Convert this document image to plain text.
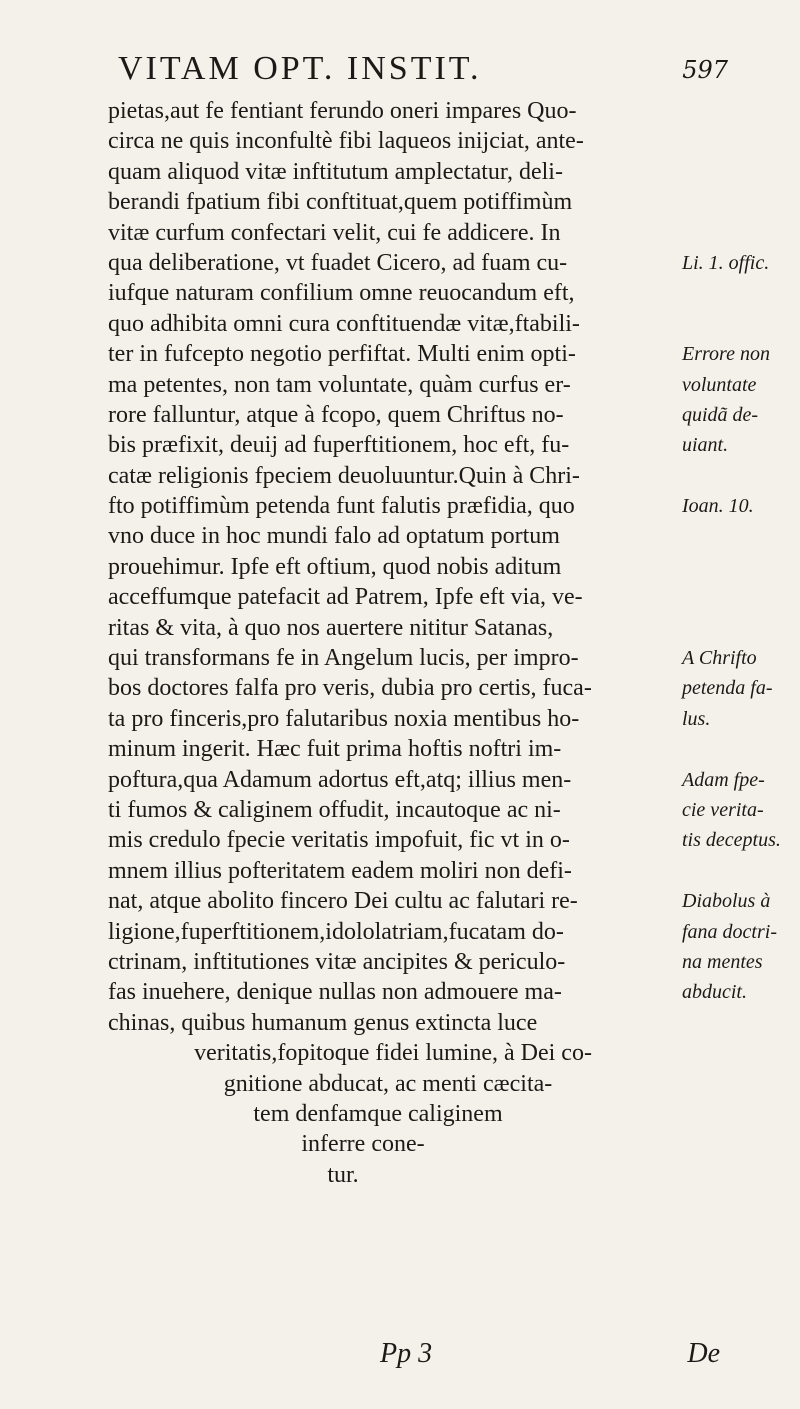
VITAM OPT. INSTIT.	597
pietas,aut fe fentiant ferundo oneri impares Quo-
circa ne quis inconfultè fibi laqueos inijciat, ante-
quam aliquod vitæ inftitutum amplectatur, deli-
berandi fpatium fibi conftituat,quem potiffimùm
vitæ curfum confectari velit, cui fe addicere. In
qua deliberatione, vt fuadet Cicero, ad fuam cu-
iufque naturam confilium omne reuocandum eft,
quo adhibita omni cura conftituendæ vitæ,ftabili-
ter in fufcepto negotio perfiftat. Multi enim opti-
ma petentes, non tam voluntate, quàm curfus er-
rore falluntur, atque à fcopo, quem Chriftus no-
bis præfixit, deuij ad fuperftitionem, hoc eft, fu-
catæ religionis fpeciem deuoluuntur.Quin à Chri-
fto potiffimùm petenda funt falutis præfidia, quo
vno duce in hoc mundi falo ad optatum portum
prouehimur. Ipfe eft oftium, quod nobis aditum
acceffumque patefacit ad Patrem, Ipfe eft via, ve-
ritas & vita, à quo nos auertere nititur Satanas,
qui transformans fe in Angelum lucis, per impro-
bos doctores falfa pro veris, dubia pro certis, fuca-
ta pro finceris,pro falutaribus noxia mentibus ho-
minum ingerit. Hæc fuit prima hoftis noftri im-
poftura,qua Adamum adortus eft,atq; illius men-
ti fumos & caliginem offudit, incautoque ac ni-
mis credulo fpecie veritatis impofuit, fic vt in o-
mnem illius pofteritatem eadem moliri non defi-
nat, atque abolito fincero Dei cultu ac falutari re-
ligione,fuperftitionem,idololatriam,fucatam do-
ctrinam, inftitutiones vitæ ancipites & periculo-
fas inuehere, denique nullas non admouere ma-
chinas, quibus humanum genus extincta luce
veritatis,fopitoque fidei lumine, à Dei co-
gnitione abducat, ac menti cæcita-
tem denfamque caliginem
inferre cone-
tur.
Li. 1. offic.
Errore non
voluntate
quidã de-
uiant.
Ioan. 10.
A Chrifto
petenda fa-
lus.
Adam fpe-
cie verita-
tis deceptus.
Diabolus à
fana doctri-
na mentes
abducit.
Pp 3	De
